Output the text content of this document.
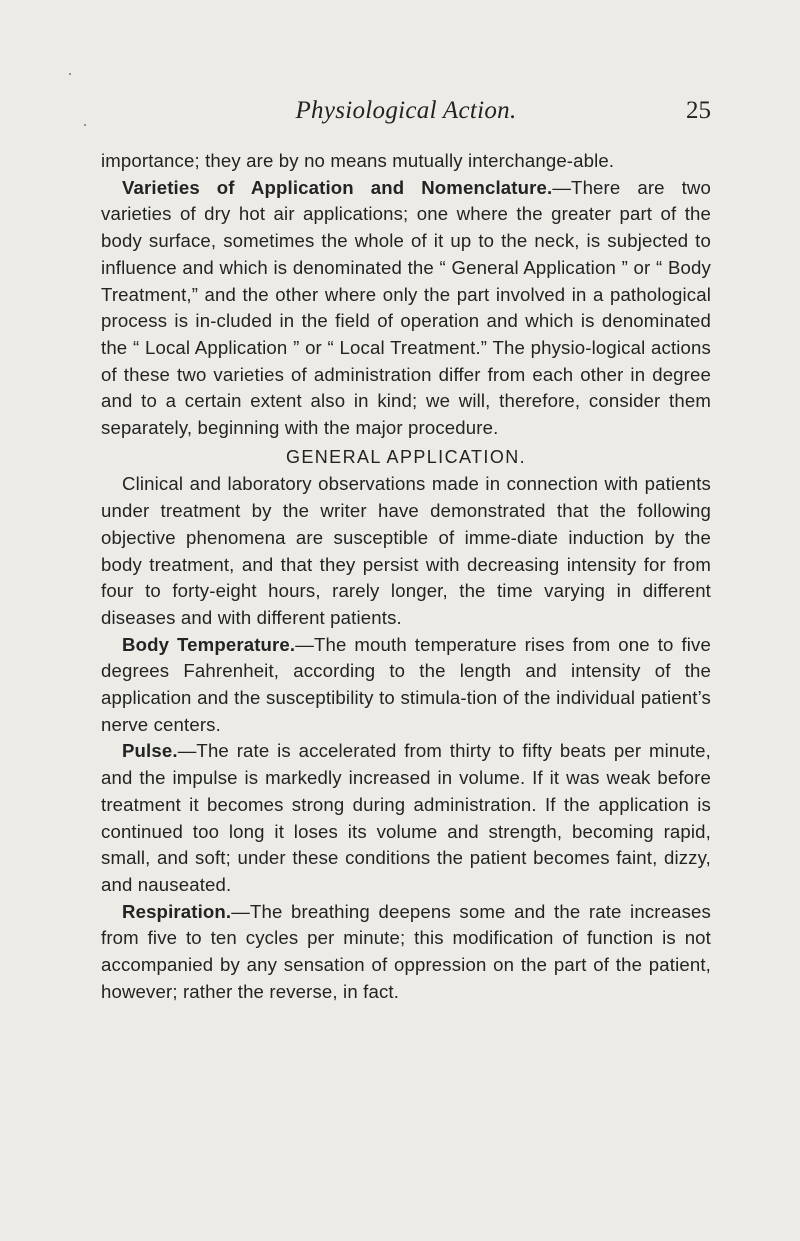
Physiological Action.	25

importance; they are by no means mutually interchange-able.

Varieties of Application and Nomenclature.—There are two varieties of dry hot air applications; one where the greater part of the body surface, sometimes the whole of it up to the neck, is subjected to influence and which is denominated the “ General Application ” or “ Body Treatment,” and the other where only the part involved in a pathological process is in-cluded in the field of operation and which is denominated the “ Local Application ” or “ Local Treatment.” The physio-logical actions of these two varieties of administration differ from each other in degree and to a certain extent also in kind; we will, therefore, consider them separately, beginning with the major procedure.

GENERAL APPLICATION.

Clinical and laboratory observations made in connection with patients under treatment by the writer have demonstrated that the following objective phenomena are susceptible of imme-diate induction by the body treatment, and that they persist with decreasing intensity for from four to forty-eight hours, rarely longer, the time varying in different diseases and with different patients.

Body Temperature.—The mouth temperature rises from one to five degrees Fahrenheit, according to the length and intensity of the application and the susceptibility to stimula-tion of the individual patient’s nerve centers.

Pulse.—The rate is accelerated from thirty to fifty beats per minute, and the impulse is markedly increased in volume. If it was weak before treatment it becomes strong during administration. If the application is continued too long it loses its volume and strength, becoming rapid, small, and soft; under these conditions the patient becomes faint, dizzy, and nauseated.

Respiration.—The breathing deepens some and the rate increases from five to ten cycles per minute; this modification of function is not accompanied by any sensation of oppression on the part of the patient, however; rather the reverse, in fact.
